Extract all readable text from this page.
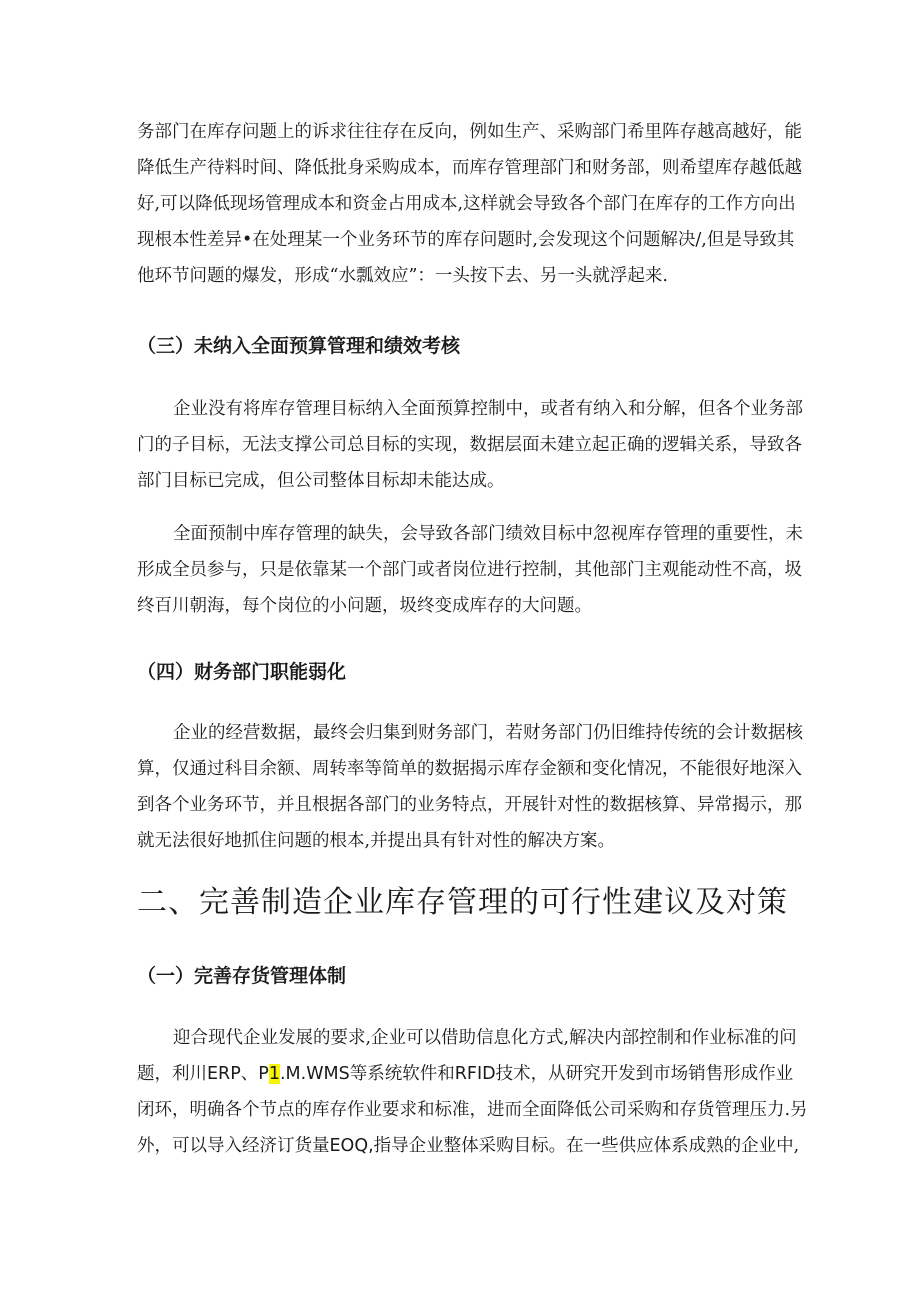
务部门在库存问题上的诉求往往存在反向，例如生产、采购部门希里阵存越高越好，能
降低生产待料时间、降低批身采购成本，而库存管理部门和财务部，则希望库存越低越
好,可以降低现场管理成本和资金占用成本,这样就会导致各个部门在库存的工作方向出
现根本性差异•在处理某一个业务环节的库存问题时,会发现这个问题解决/,但是导致其
他环节问题的爆发，形成“水瓢效应”：一头按下去、另一头就浮起来.
（三）未纳入全面预算管理和绩效考核
企业没有将库存管理目标纳入全面预算控制中，或者有纳入和分解，但各个业务部
门的子目标，无法支撑公司总目标的实现，数据层面未建立起正确的逻辑关系，导致各
部门目标已完成，但公司整体目标却未能达成。
全面预制中库存管理的缺失，会导致各部门绩效目标中忽视库存管理的重要性，未
形成全员参与，只是依靠某一个部门或者岗位进行控制，其他部门主观能动性不高，圾
终百川朝海，每个岗位的小问题，圾终变成库存的大问题。
（四）财务部门职能弱化
企业的经营数据，最终会归集到财务部门，若财务部门仍旧维持传统的会计数据核
算，仅通过科目余额、周转率等简单的数据揭示库存金额和变化情况，不能很好地深入
到各个业务环节，并且根据各部门的业务特点，开展针对性的数据核算、异常揭示，那
就无法很好地抓住问题的根本,并提出具有针对性的解决方案。
二、完善制造企业库存管理的可行性建议及对策
（一）完善存货管理体制
迎合现代企业发展的要求,企业可以借助信息化方式,解决内部控制和作业标准的问
题，利川ERP、P1.M.WMS等系统软件和RFID技术，从研究开发到市场销售形成作业
闭环，明确各个节点的库存作业要求和标准，进而全面降低公司采购和存货管理压力.另
外，可以导入经济订货量EOQ,指导企业整体采购目标。在一些供应体系成熟的企业中,
